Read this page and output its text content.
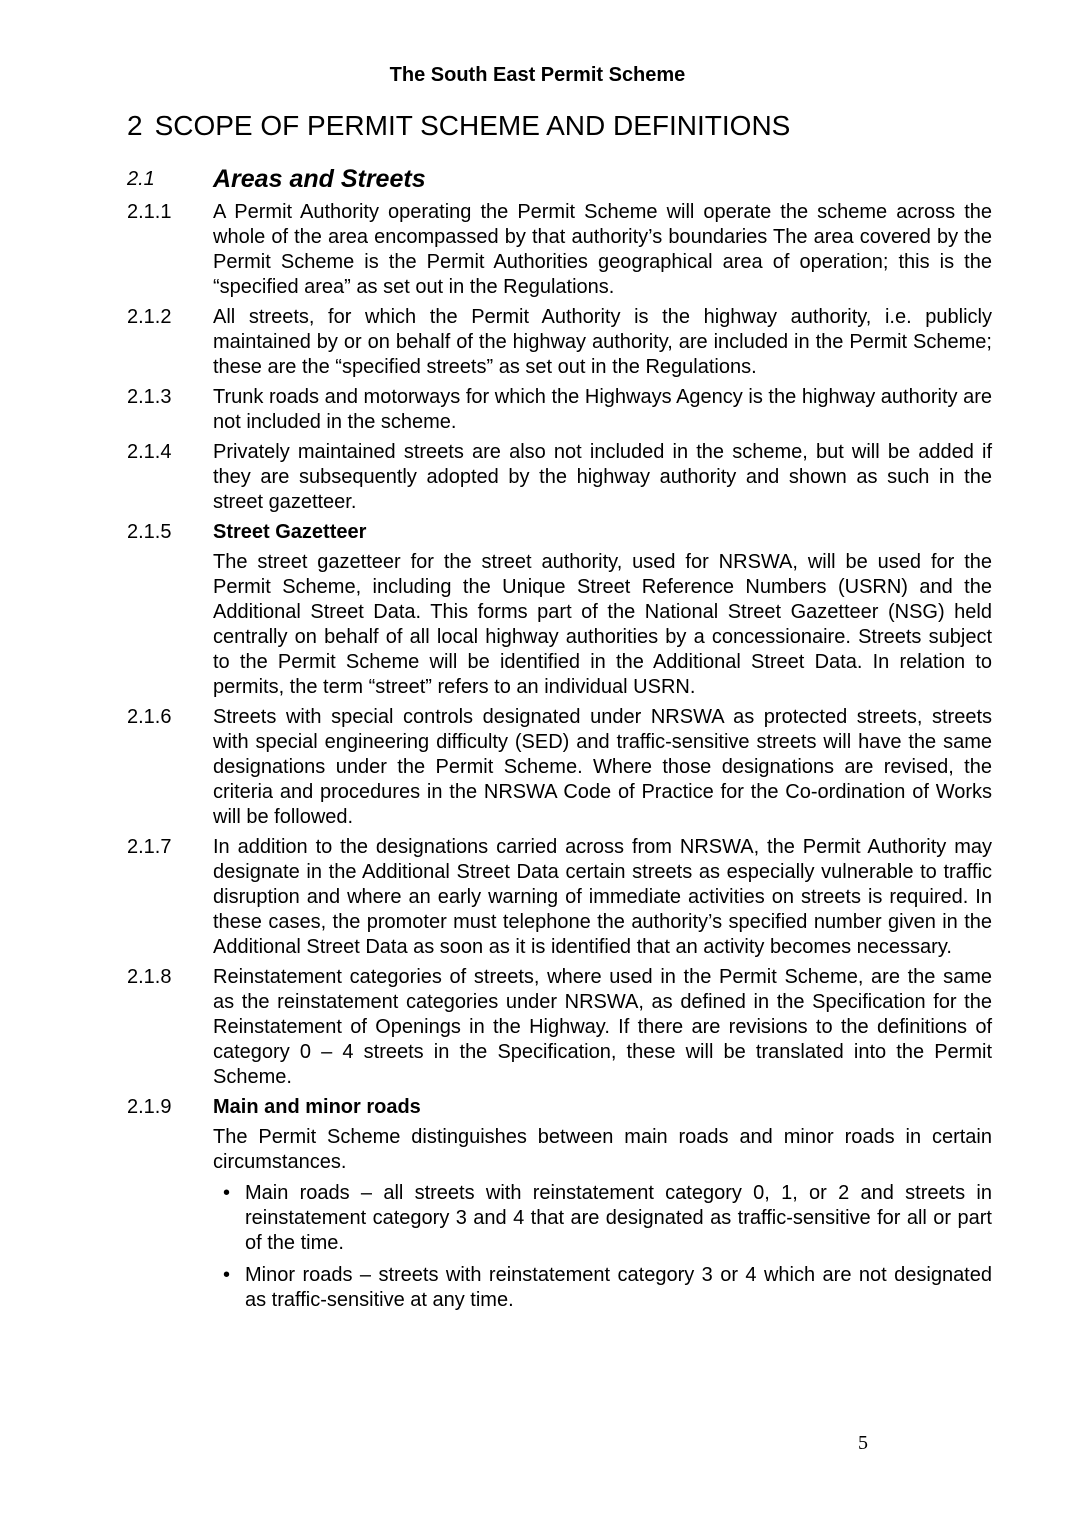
The South East Permit Scheme
2 SCOPE OF PERMIT SCHEME AND DEFINITIONS
2.1 Areas and Streets
2.1.1 A Permit Authority operating the Permit Scheme will operate the scheme across the whole of the area encompassed by that authority’s boundaries The area covered by the Permit Scheme is the Permit Authorities geographical area of operation; this is the “specified area” as set out in the Regulations.
2.1.2 All streets, for which the Permit Authority is the highway authority, i.e. publicly maintained by or on behalf of the highway authority, are included in the Permit Scheme; these are the “specified streets” as set out in the Regulations.
2.1.3 Trunk roads and motorways for which the Highways Agency is the highway authority are not included in the scheme.
2.1.4 Privately maintained streets are also not included in the scheme, but will be added if they are subsequently adopted by the highway authority and shown as such in the street gazetteer.
2.1.5 Street Gazetteer
The street gazetteer for the street authority, used for NRSWA, will be used for the Permit Scheme, including the Unique Street Reference Numbers (USRN) and the Additional Street Data. This forms part of the National Street Gazetteer (NSG) held centrally on behalf of all local highway authorities by a concessionaire. Streets subject to the Permit Scheme will be identified in the Additional Street Data. In relation to permits, the term “street” refers to an individual USRN.
2.1.6 Streets with special controls designated under NRSWA as protected streets, streets with special engineering difficulty (SED) and traffic-sensitive streets will have the same designations under the Permit Scheme. Where those designations are revised, the criteria and procedures in the NRSWA Code of Practice for the Co-ordination of Works will be followed.
2.1.7 In addition to the designations carried across from NRSWA, the Permit Authority may designate in the Additional Street Data certain streets as especially vulnerable to traffic disruption and where an early warning of immediate activities on streets is required. In these cases, the promoter must telephone the authority’s specified number given in the Additional Street Data as soon as it is identified that an activity becomes necessary.
2.1.8 Reinstatement categories of streets, where used in the Permit Scheme, are the same as the reinstatement categories under NRSWA, as defined in the Specification for the Reinstatement of Openings in the Highway. If there are revisions to the definitions of category 0 – 4 streets in the Specification, these will be translated into the Permit Scheme.
2.1.9 Main and minor roads
The Permit Scheme distinguishes between main roads and minor roads in certain circumstances.
• Main roads – all streets with reinstatement category 0, 1, or 2 and streets in reinstatement category 3 and 4 that are designated as traffic-sensitive for all or part of the time.
• Minor roads – streets with reinstatement category 3 or 4 which are not designated as traffic-sensitive at any time.
5
